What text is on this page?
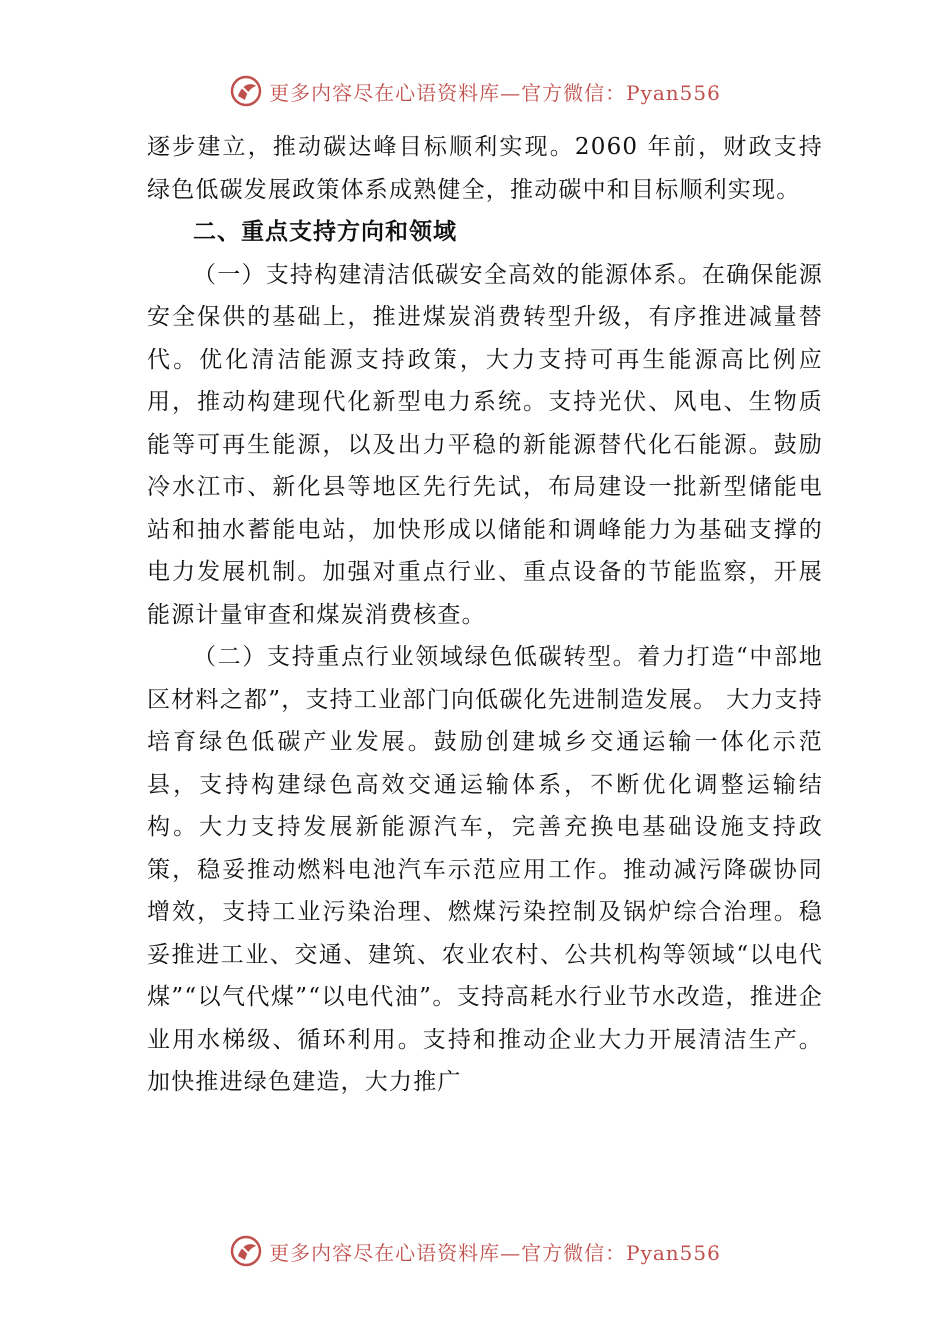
更多内容尽在心语资料库—官方微信：Pyan556

逐步建立，推动碳达峰目标顺利实现。2060 年前，财政支持绿色低碳发展政策体系成熟健全，推动碳中和目标顺利实现。

二、重点支持方向和领域

（一）支持构建清洁低碳安全高效的能源体系。在确保能源安全保供的基础上，推进煤炭消费转型升级，有序推进减量替代。优化清洁能源支持政策，大力支持可再生能源高比例应用，推动构建现代化新型电力系统。支持光伏、风电、生物质能等可再生能源，以及出力平稳的新能源替代化石能源。鼓励冷水江市、新化县等地区先行先试，布局建设一批新型储能电站和抽水蓄能电站，加快形成以储能和调峰能力为基础支撑的电力发展机制。加强对重点行业、重点设备的节能监察，开展能源计量审查和煤炭消费核查。

（二）支持重点行业领域绿色低碳转型。着力打造“中部地区材料之都”，支持工业部门向低碳化先进制造发展。 大力支持培育绿色低碳产业发展。鼓励创建城乡交通运输一体化示范县，支持构建绿色高效交通运输体系，不断优化调整运输结构。大力支持发展新能源汽车，完善充换电基础设施支持政策，稳妥推动燃料电池汽车示范应用工作。推动减污降碳协同增效，支持工业污染治理、燃煤污染控制及锅炉综合治理。稳妥推进工业、交通、建筑、农业农村、公共机构等领域“以电代煤”“以气代煤”“以电代油”。支持高耗水行业节水改造，推进企业用水梯级、循环利用。支持和推动企业大力开展清洁生产。加快推进绿色建造，大力推广

更多内容尽在心语资料库—官方微信：Pyan556
